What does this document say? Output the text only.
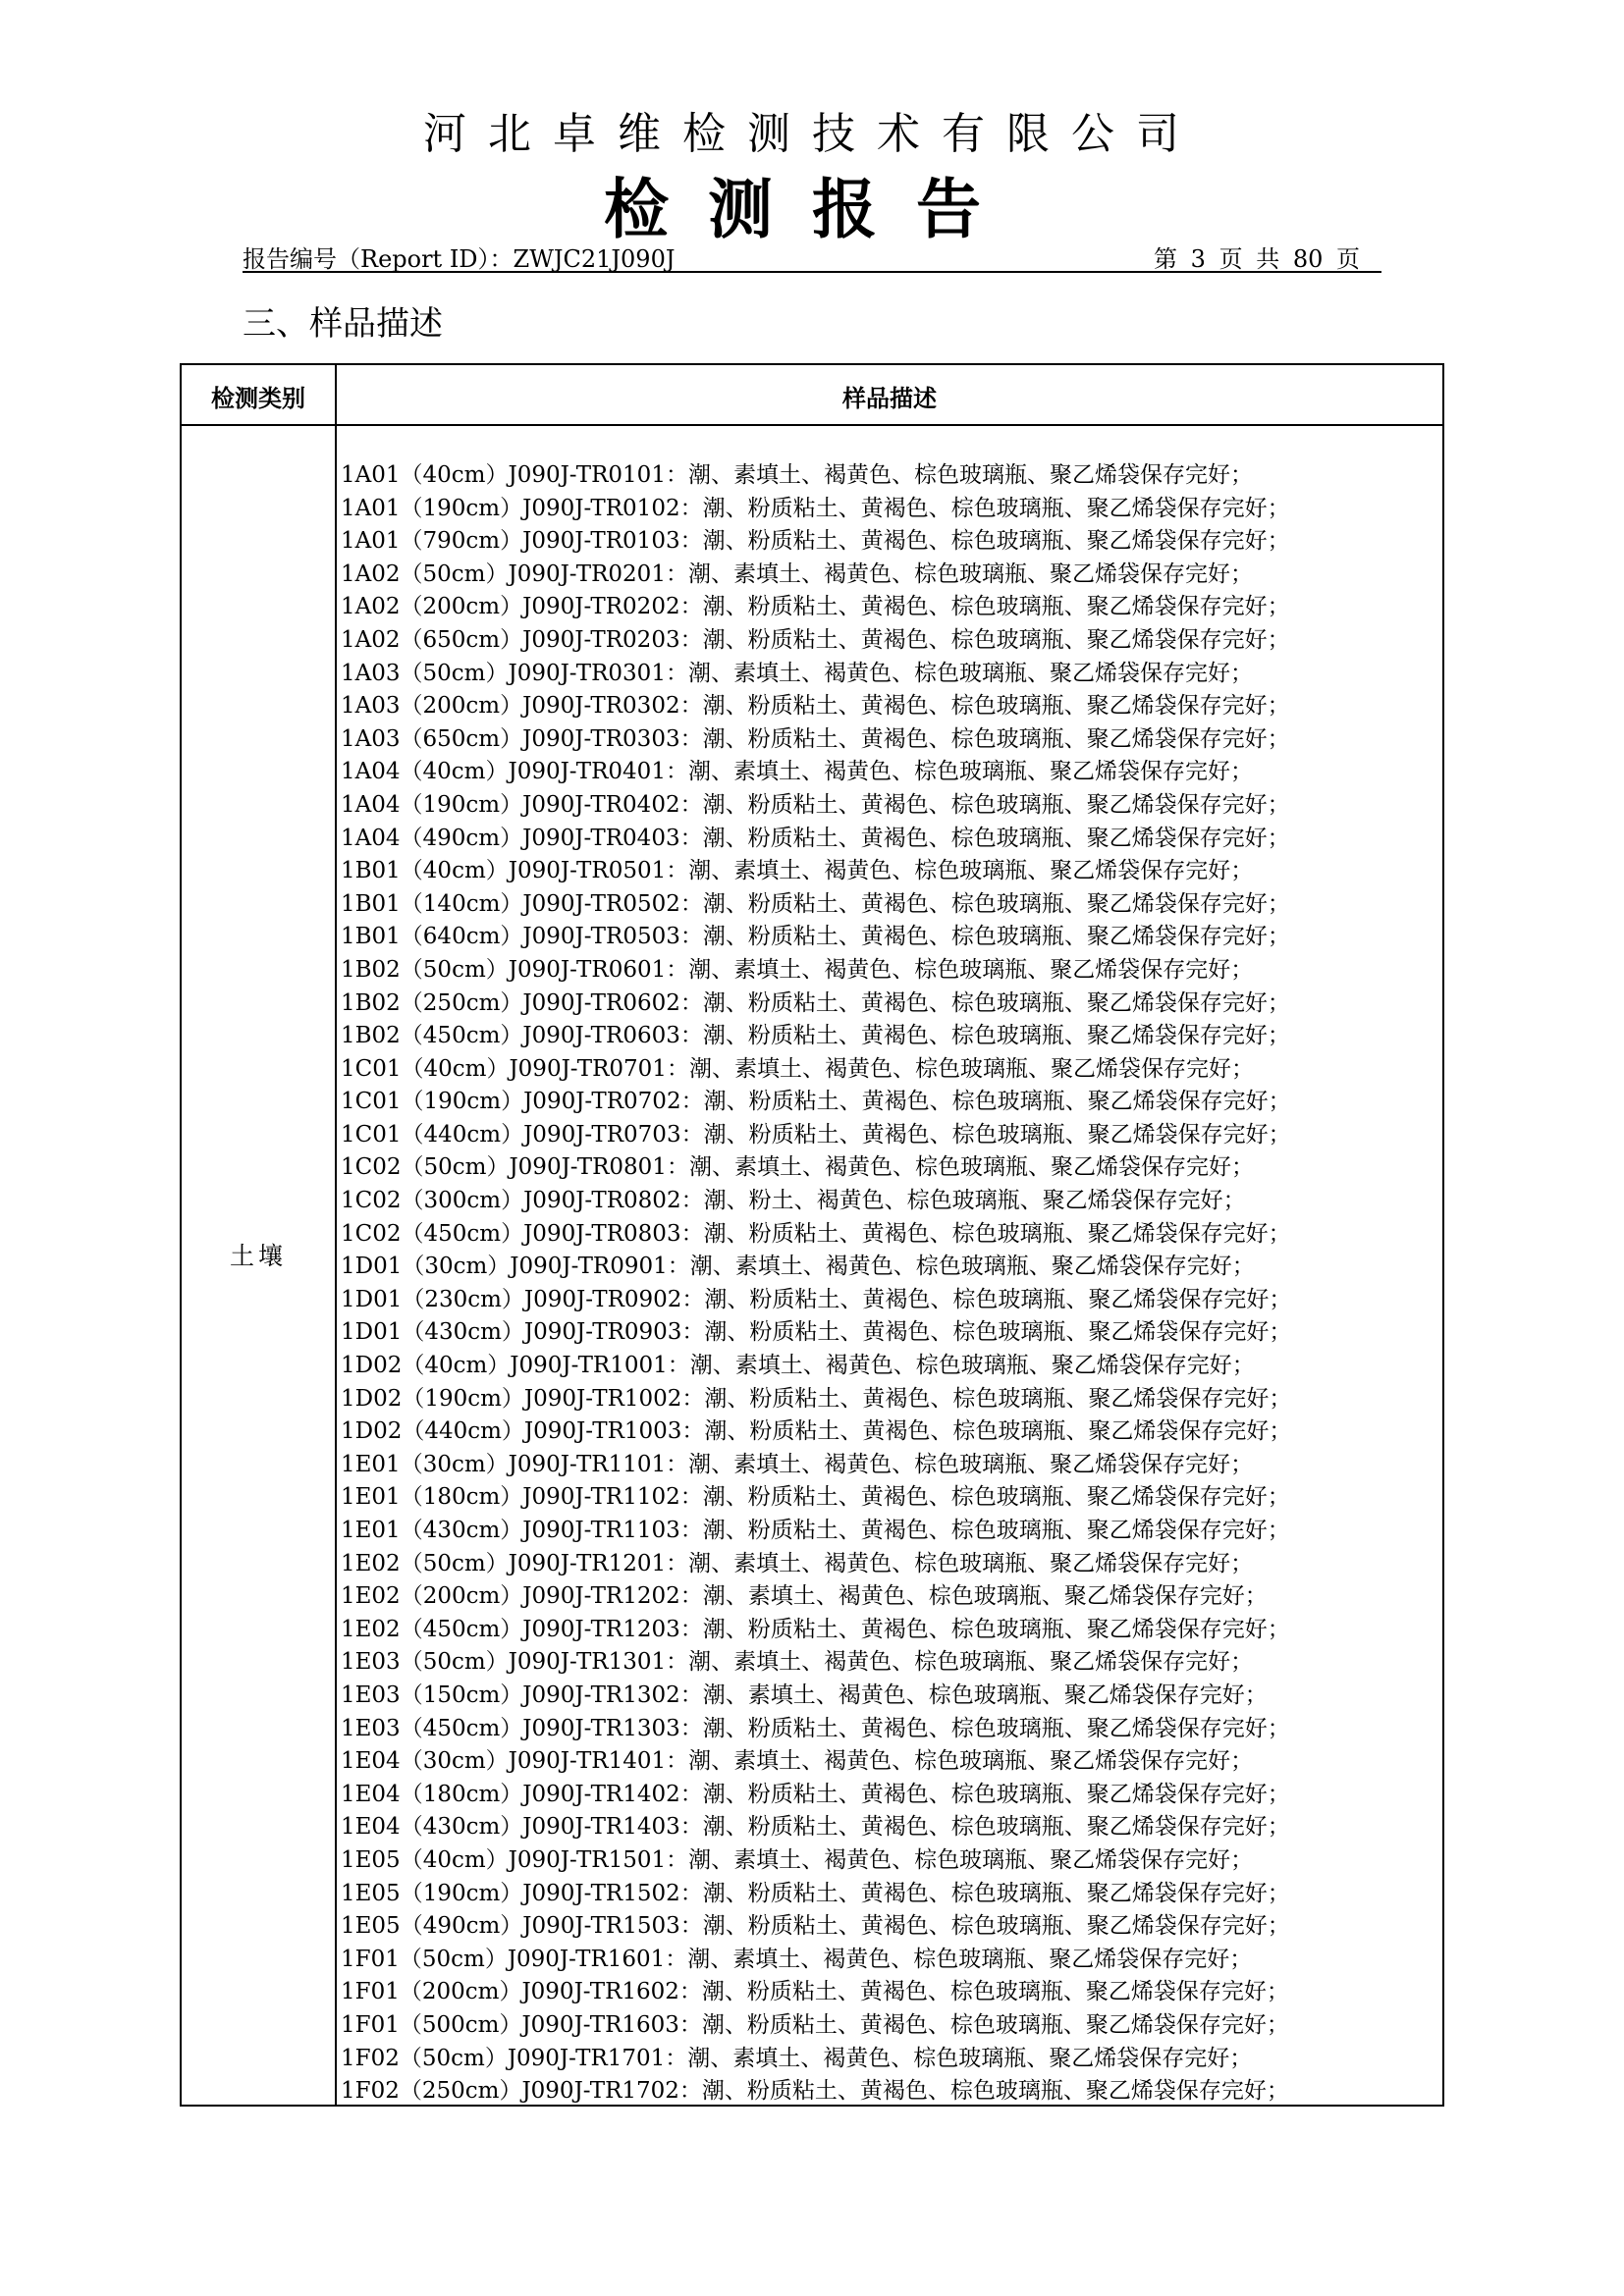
河北卓维检测技术有限公司
检测报告
报告编号（Report ID）：ZWJC21J090J	第 3 页 共 80 页
三、样品描述
检测类别	样品描述
土壤
1A01（40cm）J090J-TR0101：潮、素填土、褐黄色、棕色玻璃瓶、聚乙烯袋保存完好；
1A01（190cm）J090J-TR0102：潮、粉质粘土、黄褐色、棕色玻璃瓶、聚乙烯袋保存完好；
1A01（790cm）J090J-TR0103：潮、粉质粘土、黄褐色、棕色玻璃瓶、聚乙烯袋保存完好；
1A02（50cm）J090J-TR0201：潮、素填土、褐黄色、棕色玻璃瓶、聚乙烯袋保存完好；
1A02（200cm）J090J-TR0202：潮、粉质粘土、黄褐色、棕色玻璃瓶、聚乙烯袋保存完好；
1A02（650cm）J090J-TR0203：潮、粉质粘土、黄褐色、棕色玻璃瓶、聚乙烯袋保存完好；
1A03（50cm）J090J-TR0301：潮、素填土、褐黄色、棕色玻璃瓶、聚乙烯袋保存完好；
1A03（200cm）J090J-TR0302：潮、粉质粘土、黄褐色、棕色玻璃瓶、聚乙烯袋保存完好；
1A03（650cm）J090J-TR0303：潮、粉质粘土、黄褐色、棕色玻璃瓶、聚乙烯袋保存完好；
1A04（40cm）J090J-TR0401：潮、素填土、褐黄色、棕色玻璃瓶、聚乙烯袋保存完好；
1A04（190cm）J090J-TR0402：潮、粉质粘土、黄褐色、棕色玻璃瓶、聚乙烯袋保存完好；
1A04（490cm）J090J-TR0403：潮、粉质粘土、黄褐色、棕色玻璃瓶、聚乙烯袋保存完好；
1B01（40cm）J090J-TR0501：潮、素填土、褐黄色、棕色玻璃瓶、聚乙烯袋保存完好；
1B01（140cm）J090J-TR0502：潮、粉质粘土、黄褐色、棕色玻璃瓶、聚乙烯袋保存完好；
1B01（640cm）J090J-TR0503：潮、粉质粘土、黄褐色、棕色玻璃瓶、聚乙烯袋保存完好；
1B02（50cm）J090J-TR0601：潮、素填土、褐黄色、棕色玻璃瓶、聚乙烯袋保存完好；
1B02（250cm）J090J-TR0602：潮、粉质粘土、黄褐色、棕色玻璃瓶、聚乙烯袋保存完好；
1B02（450cm）J090J-TR0603：潮、粉质粘土、黄褐色、棕色玻璃瓶、聚乙烯袋保存完好；
1C01（40cm）J090J-TR0701：潮、素填土、褐黄色、棕色玻璃瓶、聚乙烯袋保存完好；
1C01（190cm）J090J-TR0702：潮、粉质粘土、黄褐色、棕色玻璃瓶、聚乙烯袋保存完好；
1C01（440cm）J090J-TR0703：潮、粉质粘土、黄褐色、棕色玻璃瓶、聚乙烯袋保存完好；
1C02（50cm）J090J-TR0801：潮、素填土、褐黄色、棕色玻璃瓶、聚乙烯袋保存完好；
1C02（300cm）J090J-TR0802：潮、粉土、褐黄色、棕色玻璃瓶、聚乙烯袋保存完好；
1C02（450cm）J090J-TR0803：潮、粉质粘土、黄褐色、棕色玻璃瓶、聚乙烯袋保存完好；
1D01（30cm）J090J-TR0901：潮、素填土、褐黄色、棕色玻璃瓶、聚乙烯袋保存完好；
1D01（230cm）J090J-TR0902：潮、粉质粘土、黄褐色、棕色玻璃瓶、聚乙烯袋保存完好；
1D01（430cm）J090J-TR0903：潮、粉质粘土、黄褐色、棕色玻璃瓶、聚乙烯袋保存完好；
1D02（40cm）J090J-TR1001：潮、素填土、褐黄色、棕色玻璃瓶、聚乙烯袋保存完好；
1D02（190cm）J090J-TR1002：潮、粉质粘土、黄褐色、棕色玻璃瓶、聚乙烯袋保存完好；
1D02（440cm）J090J-TR1003：潮、粉质粘土、黄褐色、棕色玻璃瓶、聚乙烯袋保存完好；
1E01（30cm）J090J-TR1101：潮、素填土、褐黄色、棕色玻璃瓶、聚乙烯袋保存完好；
1E01（180cm）J090J-TR1102：潮、粉质粘土、黄褐色、棕色玻璃瓶、聚乙烯袋保存完好；
1E01（430cm）J090J-TR1103：潮、粉质粘土、黄褐色、棕色玻璃瓶、聚乙烯袋保存完好；
1E02（50cm）J090J-TR1201：潮、素填土、褐黄色、棕色玻璃瓶、聚乙烯袋保存完好；
1E02（200cm）J090J-TR1202：潮、素填土、褐黄色、棕色玻璃瓶、聚乙烯袋保存完好；
1E02（450cm）J090J-TR1203：潮、粉质粘土、黄褐色、棕色玻璃瓶、聚乙烯袋保存完好；
1E03（50cm）J090J-TR1301：潮、素填土、褐黄色、棕色玻璃瓶、聚乙烯袋保存完好；
1E03（150cm）J090J-TR1302：潮、素填土、褐黄色、棕色玻璃瓶、聚乙烯袋保存完好；
1E03（450cm）J090J-TR1303：潮、粉质粘土、黄褐色、棕色玻璃瓶、聚乙烯袋保存完好；
1E04（30cm）J090J-TR1401：潮、素填土、褐黄色、棕色玻璃瓶、聚乙烯袋保存完好；
1E04（180cm）J090J-TR1402：潮、粉质粘土、黄褐色、棕色玻璃瓶、聚乙烯袋保存完好；
1E04（430cm）J090J-TR1403：潮、粉质粘土、黄褐色、棕色玻璃瓶、聚乙烯袋保存完好；
1E05（40cm）J090J-TR1501：潮、素填土、褐黄色、棕色玻璃瓶、聚乙烯袋保存完好；
1E05（190cm）J090J-TR1502：潮、粉质粘土、黄褐色、棕色玻璃瓶、聚乙烯袋保存完好；
1E05（490cm）J090J-TR1503：潮、粉质粘土、黄褐色、棕色玻璃瓶、聚乙烯袋保存完好；
1F01（50cm）J090J-TR1601：潮、素填土、褐黄色、棕色玻璃瓶、聚乙烯袋保存完好；
1F01（200cm）J090J-TR1602：潮、粉质粘土、黄褐色、棕色玻璃瓶、聚乙烯袋保存完好；
1F01（500cm）J090J-TR1603：潮、粉质粘土、黄褐色、棕色玻璃瓶、聚乙烯袋保存完好；
1F02（50cm）J090J-TR1701：潮、素填土、褐黄色、棕色玻璃瓶、聚乙烯袋保存完好；
1F02（250cm）J090J-TR1702：潮、粉质粘土、黄褐色、棕色玻璃瓶、聚乙烯袋保存完好；
